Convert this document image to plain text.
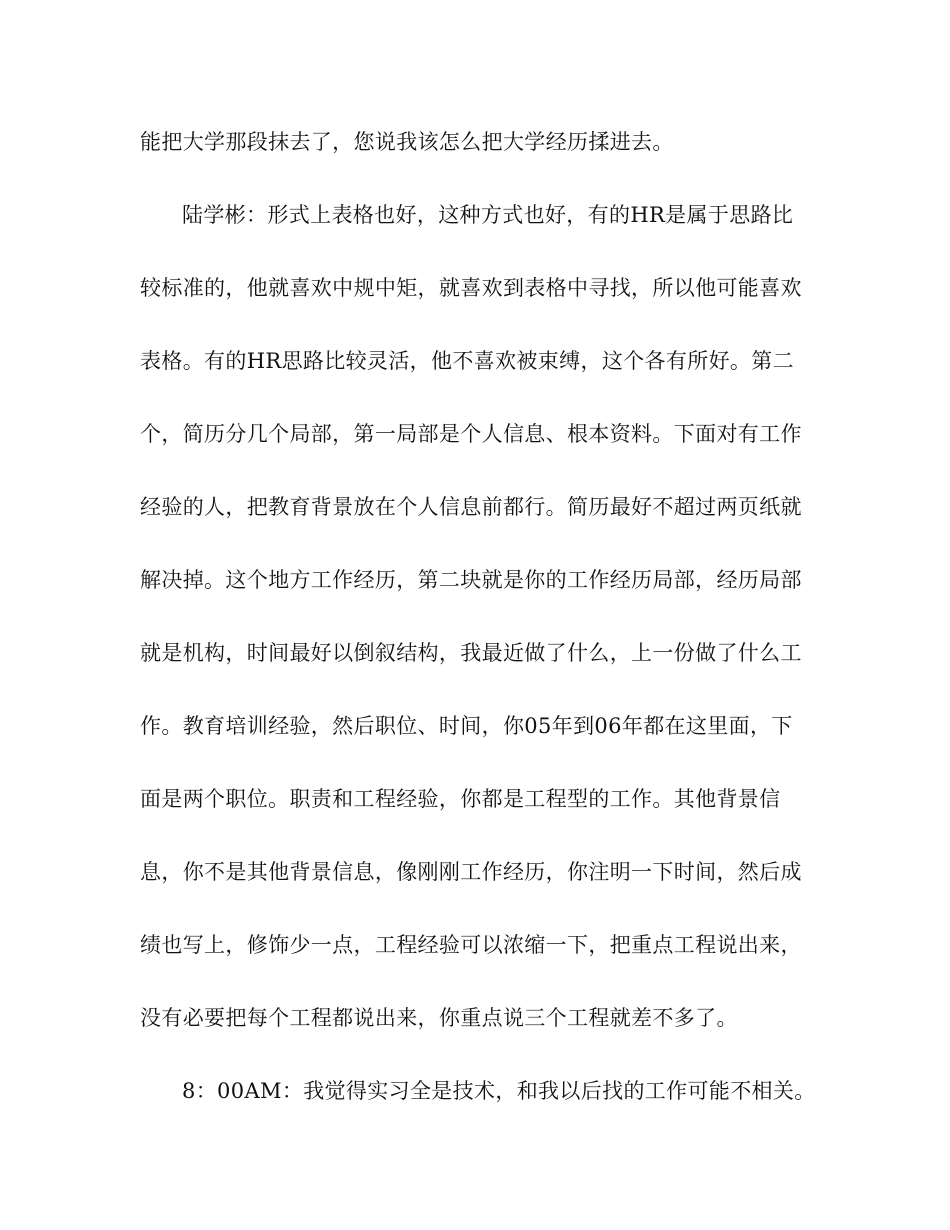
能把大学那段抹去了，您说我该怎么把大学经历揉进去。
陆学彬：形式上表格也好，这种方式也好，有的HR是属于思路比
较标准的，他就喜欢中规中矩，就喜欢到表格中寻找，所以他可能喜欢
表格。有的HR思路比较灵活，他不喜欢被束缚，这个各有所好。第二
个，简历分几个局部，第一局部是个人信息、根本资料。下面对有工作
经验的人，把教育背景放在个人信息前都行。简历最好不超过两页纸就
解决掉。这个地方工作经历，第二块就是你的工作经历局部，经历局部
就是机构，时间最好以倒叙结构，我最近做了什么，上一份做了什么工
作。教育培训经验，然后职位、时间，你05年到06年都在这里面，下
面是两个职位。职责和工程经验，你都是工程型的工作。其他背景信
息，你不是其他背景信息，像刚刚工作经历，你注明一下时间，然后成
绩也写上，修饰少一点，工程经验可以浓缩一下，把重点工程说出来，
没有必要把每个工程都说出来，你重点说三个工程就差不多了。
8：00AM：我觉得实习全是技术，和我以后找的工作可能不相关。
